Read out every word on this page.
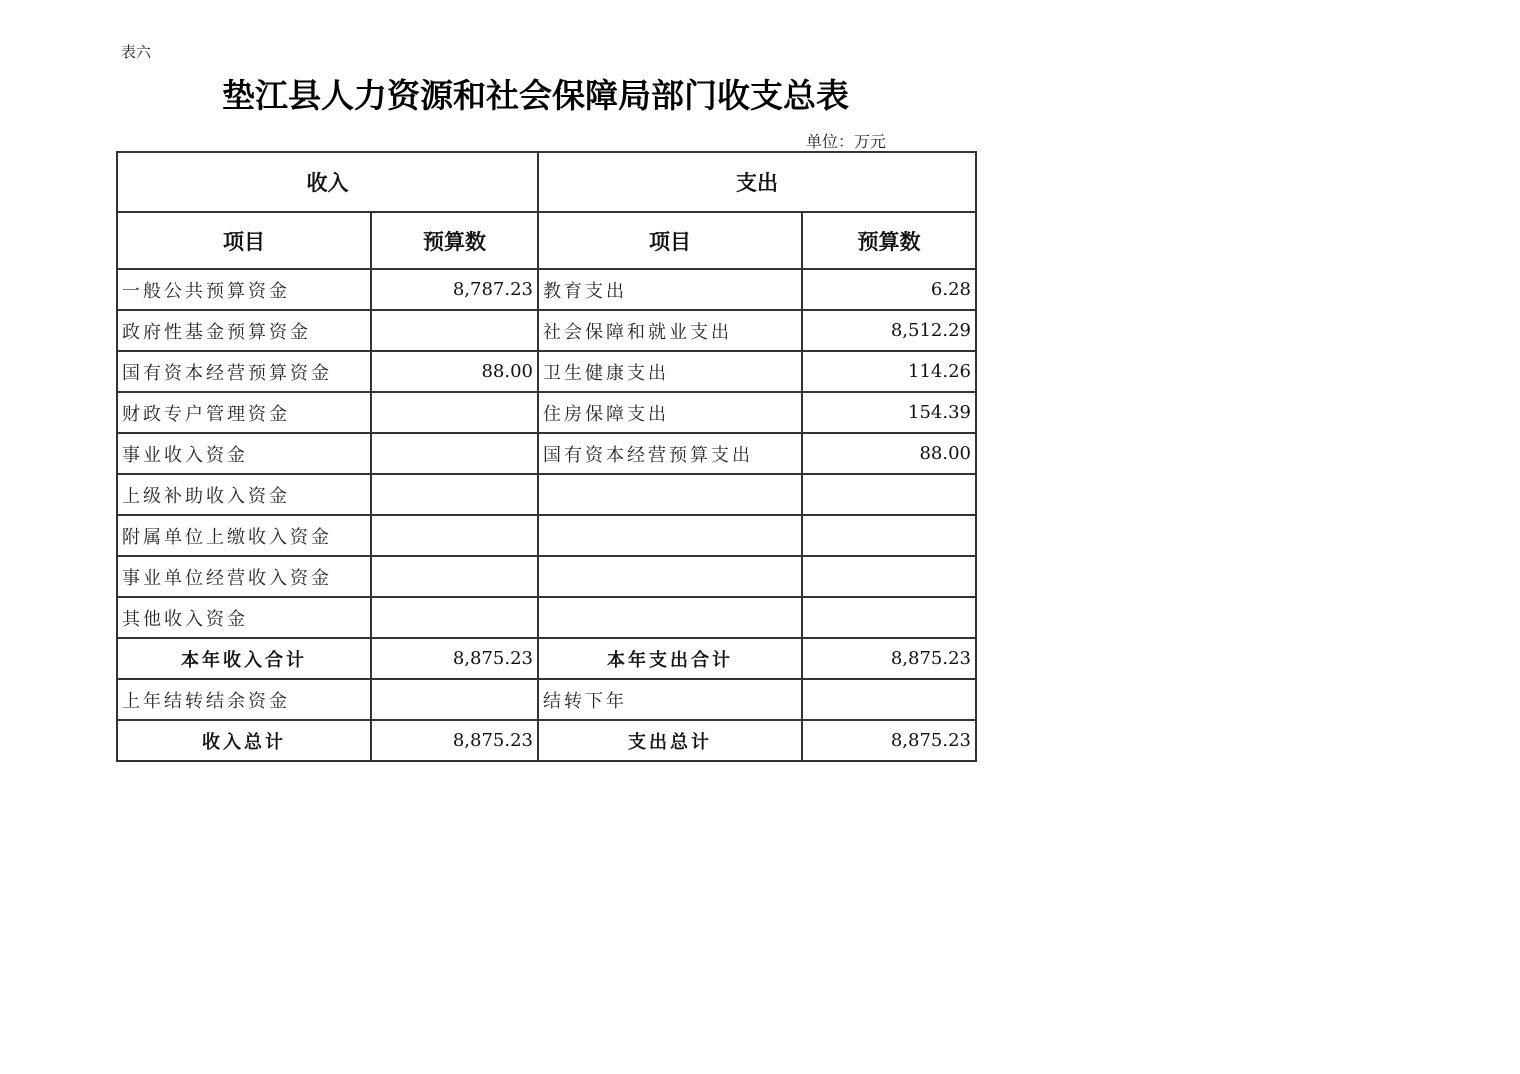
表六
垫江县人力资源和社会保障局部门收支总表
单位：万元
收入		支出	
项目	预算数	项目	预算数
一般公共预算资金	8,787.23	教育支出	6.28
政府性基金预算资金		社会保障和就业支出	8,512.29
国有资本经营预算资金	88.00	卫生健康支出	114.26
财政专户管理资金		住房保障支出	154.39
事业收入资金		国有资本经营预算支出	88.00
上级补助收入资金			
附属单位上缴收入资金			
事业单位经营收入资金			
其他收入资金			
本年收入合计	8,875.23	本年支出合计	8,875.23
上年结转结余资金		结转下年	
收入总计	8,875.23	支出总计	8,875.23
